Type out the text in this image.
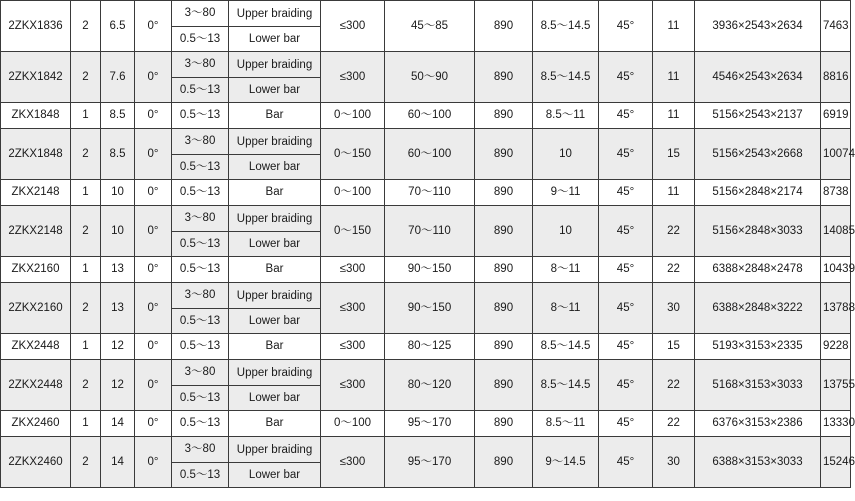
2ZKX1836	2	6.5	0°	3～80	Upper braiding	≤300	45～85	890	8.5～14.5	45°	11	3936×2543×2634	7463
				0.5～13	Lower bar								
2ZKX1842	2	7.6	0°	3～80	Upper braiding	≤300	50～90	890	8.5～14.5	45°	11	4546×2543×2634	8816
				0.5～13	Lower bar								
ZKX1848	1	8.5	0°	0.5～13	Bar	0～100	60～100	890	8.5～11	45°	11	5156×2543×2137	6919
2ZKX1848	2	8.5	0°	3～80	Upper braiding	0～150	60～100	890	10	45°	15	5156×2543×2668	10074
				0.5～13	Lower bar								
ZKX2148	1	10	0°	0.5～13	Bar	0～100	70～110	890	9～11	45°	11	5156×2848×2174	8738
2ZKX2148	2	10	0°	3～80	Upper braiding	0～150	70～110	890	10	45°	22	5156×2848×3033	14085
				0.5～13	Lower bar								
ZKX2160	1	13	0°	0.5～13	Bar	≤300	90～150	890	8～11	45°	22	6388×2848×2478	10439
2ZKX2160	2	13	0°	3～80	Upper braiding	≤300	90～150	890	8～11	45°	30	6388×2848×3222	13788
				0.5～13	Lower bar								
ZKX2448	1	12	0°	0.5～13	Bar	≤300	80～125	890	8.5～14.5	45°	15	5193×3153×2335	9228
2ZKX2448	2	12	0°	3～80	Upper braiding	≤300	80～120	890	8.5～14.5	45°	22	5168×3153×3033	13755
				0.5～13	Lower bar								
ZKX2460	1	14	0°	0.5～13	Bar	0～100	95～170	890	8.5～11	45°	22	6376×3153×2386	13330
2ZKX2460	2	14	0°	3～80	Upper braiding	≤300	95～170	890	9～14.5	45°	30	6388×3153×3033	15246
				0.5～13	Lower bar								
